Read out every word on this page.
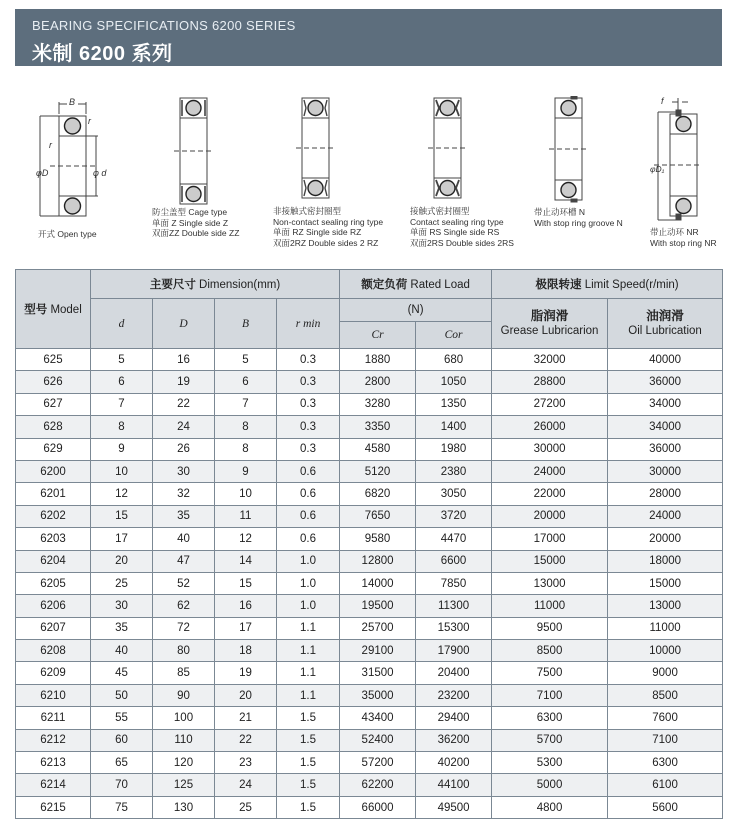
BEARING SPECIFICATIONS 6200 SERIES
米制 6200 系列
B
r
r
φD	φ d
开式 Open type
防尘盖型 Cage type
单面 Z Single side Z
双面ZZ Double side ZZ
非接触式密封圈型
Non-contact sealing ring type
单面 RZ Single side RZ
双面2RZ Double sides 2 RZ
接触式密封圈型
Contact sealing ring type
单面 RS Single side RS
双面2RS Double sides 2RS
带止动环槽 N
With stop ring groove N
f
φD₁
带止动环 NR
With stop ring NR
型号 Model	主要尺寸 Dimension(mm)				额定负荷 Rated Load		极限转速 Limit Speed(r/min)	
	d	D	B	r min	(N)		脂润滑
Grease Lubricarion	油润滑
Oil Lubrication
					Cr	Cor		
625	5	16	5	0.3	1880	680	32000	40000
626	6	19	6	0.3	2800	1050	28800	36000
627	7	22	7	0.3	3280	1350	27200	34000
628	8	24	8	0.3	3350	1400	26000	34000
629	9	26	8	0.3	4580	1980	30000	36000
6200	10	30	9	0.6	5120	2380	24000	30000
6201	12	32	10	0.6	6820	3050	22000	28000
6202	15	35	11	0.6	7650	3720	20000	24000
6203	17	40	12	0.6	9580	4470	17000	20000
6204	20	47	14	1.0	12800	6600	15000	18000
6205	25	52	15	1.0	14000	7850	13000	15000
6206	30	62	16	1.0	19500	11300	11000	13000
6207	35	72	17	1.1	25700	15300	9500	11000
6208	40	80	18	1.1	29100	17900	8500	10000
6209	45	85	19	1.1	31500	20400	7500	9000
6210	50	90	20	1.1	35000	23200	7100	8500
6211	55	100	21	1.5	43400	29400	6300	7600
6212	60	110	22	1.5	52400	36200	5700	7100
6213	65	120	23	1.5	57200	40200	5300	6300
6214	70	125	24	1.5	62200	44100	5000	6100
6215	75	130	25	1.5	66000	49500	4800	5600
